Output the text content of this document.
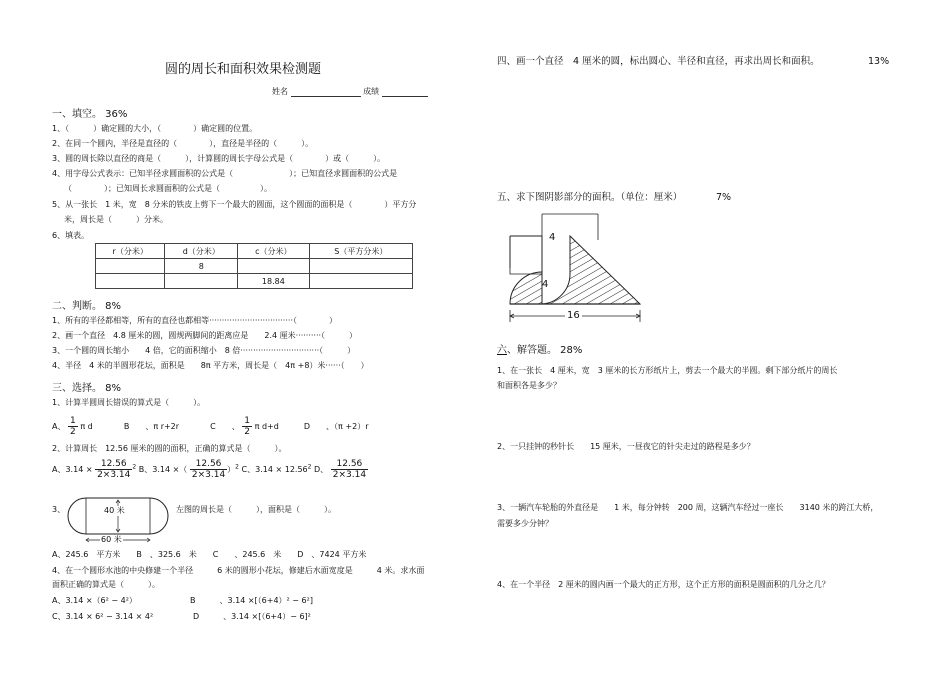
圆的周长和面积效果检测题
姓名	成绩
一、填空。 36%
1、（　　　）确定圆的大小，（　　　　）确定圆的位置。
2、在同一个圆内，半径是直径的（　　　　），直径是半径的（　　　）。
3、圆的周长除以直径的商是（　　　），计算圆的周长字母公式是（　　　　）或（　　　）。
4、用字母公式表示：已知半径求圆面积的公式是（　　　　　　　）；已知直径求圆面积的公式是
（　　　　）；已知周长求圆面积的公式是（　　　　　）。
5、从一张长　1 米，宽　8 分米的铁皮上剪下一个最大的圆面，这个圆面的面积是（　　　　）平方分
米，周长是（　　　）分米。
6、填表。
r（分米）	d（分米）	c（分米）	S（平方分米）
	8		
		18.84	
二、判断。 8%
1、所有的半径都相等，所有的直径也都相等·································（　　　　）
2、画一个直径　4.8 厘米的圆，圆规两脚间的距离应是　　2.4 厘米··········（　　　）
3、一个圆的周长缩小　　4 倍，它的面积缩小　8 倍·······························（　　　）
4、半径　4 米的半圆形花坛，面积是　　8π 平方米，周长是（　4π +8）米······（　　）
三、选择。 8%
1、计算半圆周长错误的算式是（　　　）。
A、 $\frac{1}{2}$ π d	B　　、π r+2r	C　　、 $\frac{1}{2}$ π d+d	D　　、（π +2）r
2、计算周长　12.56 厘米的圆的面积，正确的算式是（　　　）。
A、$3.14 \times \frac{12.56}{2\times 3.14} ^2$ B、3.14 ×（ $\frac{12.56}{2\times 3.14} )^2$ C、$3.14 \times 12.56^2$ D、 $\frac{12.56}{2\times 3.14}$
3、	40 米
60 米
左图的周长是（　　　），面积是（　　　）。
A、245.6　平方米　　B　、325.6　米　　C　　、245.6　米　　D　、7424 平方米
4、在一个圆形水池的中央修建一个半径　　　6 米的圆形小花坛，修建后水面宽度是　　　4 米。求水面
面积正确的算式是（　　　）。
A、3.14 ×（6² − 4²）	B　　　、3.14 ×[（6+4）² − 6²]
C、3.14 × 6² − 3.14 × 4²	D　　　、3.14 ×[（6+4）− 6]²
四、画一个直径　4 厘米的圆，标出圆心、半径和直径，再求出周长和面积。	13%
五、求下图阴影部分的面积。（单位：厘米）	7%
4
4
16
六、解答题。 28%
1、在一张长　4 厘米，宽　3 厘米的长方形纸片上，剪去一个最大的半圆。剩下部分纸片的周长
和面积各是多少？
2、一只挂钟的秒针长　　15 厘米，一昼夜它的针尖走过的路程是多少？
3、一辆汽车轮胎的外直径是　　1 米，每分钟转　200 周，这辆汽车经过一座长　　3140 米的跨江大桥，
需要多少分钟？
4、在一个半径　2 厘米的圆内画一个最大的正方形，这个正方形的面积是圆面积的几分之几？
